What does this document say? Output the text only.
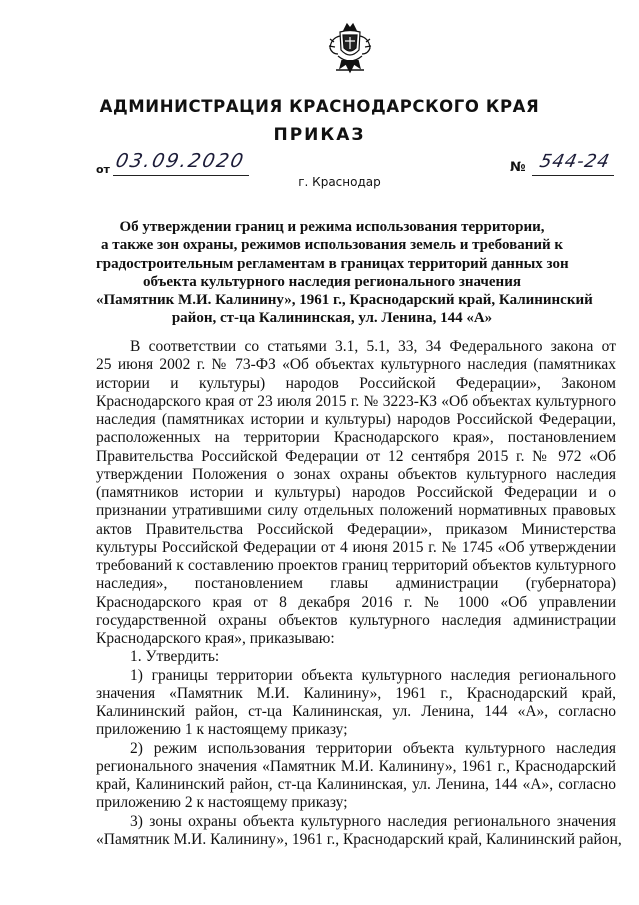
АДМИНИСТРАЦИЯ КРАСНОДАРСКОГО КРАЯ
ПРИКАЗ
от 03.09.2020	№ 544-24
г. Краснодар
Об утверждении границ и режима использования территории,
а также зон охраны, режимов использования земель и требований к
градостроительным регламентам в границах территорий данных зон
объекта культурного наследия регионального значения
«Памятник М.И. Калинину», 1961 г., Краснодарский край, Калининский
район, ст-ца Калининская, ул. Ленина, 144 «А»
В соответствии со статьями 3.1, 5.1, 33, 34 Федерального закона от
25 июня 2002 г. № 73-ФЗ «Об объектах культурного наследия (памятниках
истории и культуры) народов Российской Федерации», Законом
Краснодарского края от 23 июля 2015 г. № 3223-КЗ «Об объектах культурного
наследия (памятниках истории и культуры) народов Российской Федерации,
расположенных на территории Краснодарского края», постановлением
Правительства Российской Федерации от 12 сентября 2015 г. № 972 «Об
утверждении Положения о зонах охраны объектов культурного наследия
(памятников истории и культуры) народов Российской Федерации и о
признании утратившими силу отдельных положений нормативных правовых
актов Правительства Российской Федерации», приказом Министерства
культуры Российской Федерации от 4 июня 2015 г. № 1745 «Об утверждении
требований к составлению проектов границ территорий объектов культурного
наследия», постановлением главы администрации (губернатора)
Краснодарского края от 8 декабря 2016 г. № 1000 «Об управлении
государственной охраны объектов культурного наследия администрации
Краснодарского края», приказываю:
1. Утвердить:
1) границы территории объекта культурного наследия регионального
значения «Памятник М.И. Калинину», 1961 г., Краснодарский край,
Калининский район, ст-ца Калининская, ул. Ленина, 144 «А», согласно
приложению 1 к настоящему приказу;
2) режим использования территории объекта культурного наследия
регионального значения «Памятник М.И. Калинину», 1961 г., Краснодарский
край, Калининский район, ст-ца Калининская, ул. Ленина, 144 «А», согласно
приложению 2 к настоящему приказу;
3) зоны охраны объекта культурного наследия регионального значения
«Памятник М.И. Калинину», 1961 г., Краснодарский край, Калининский район,
